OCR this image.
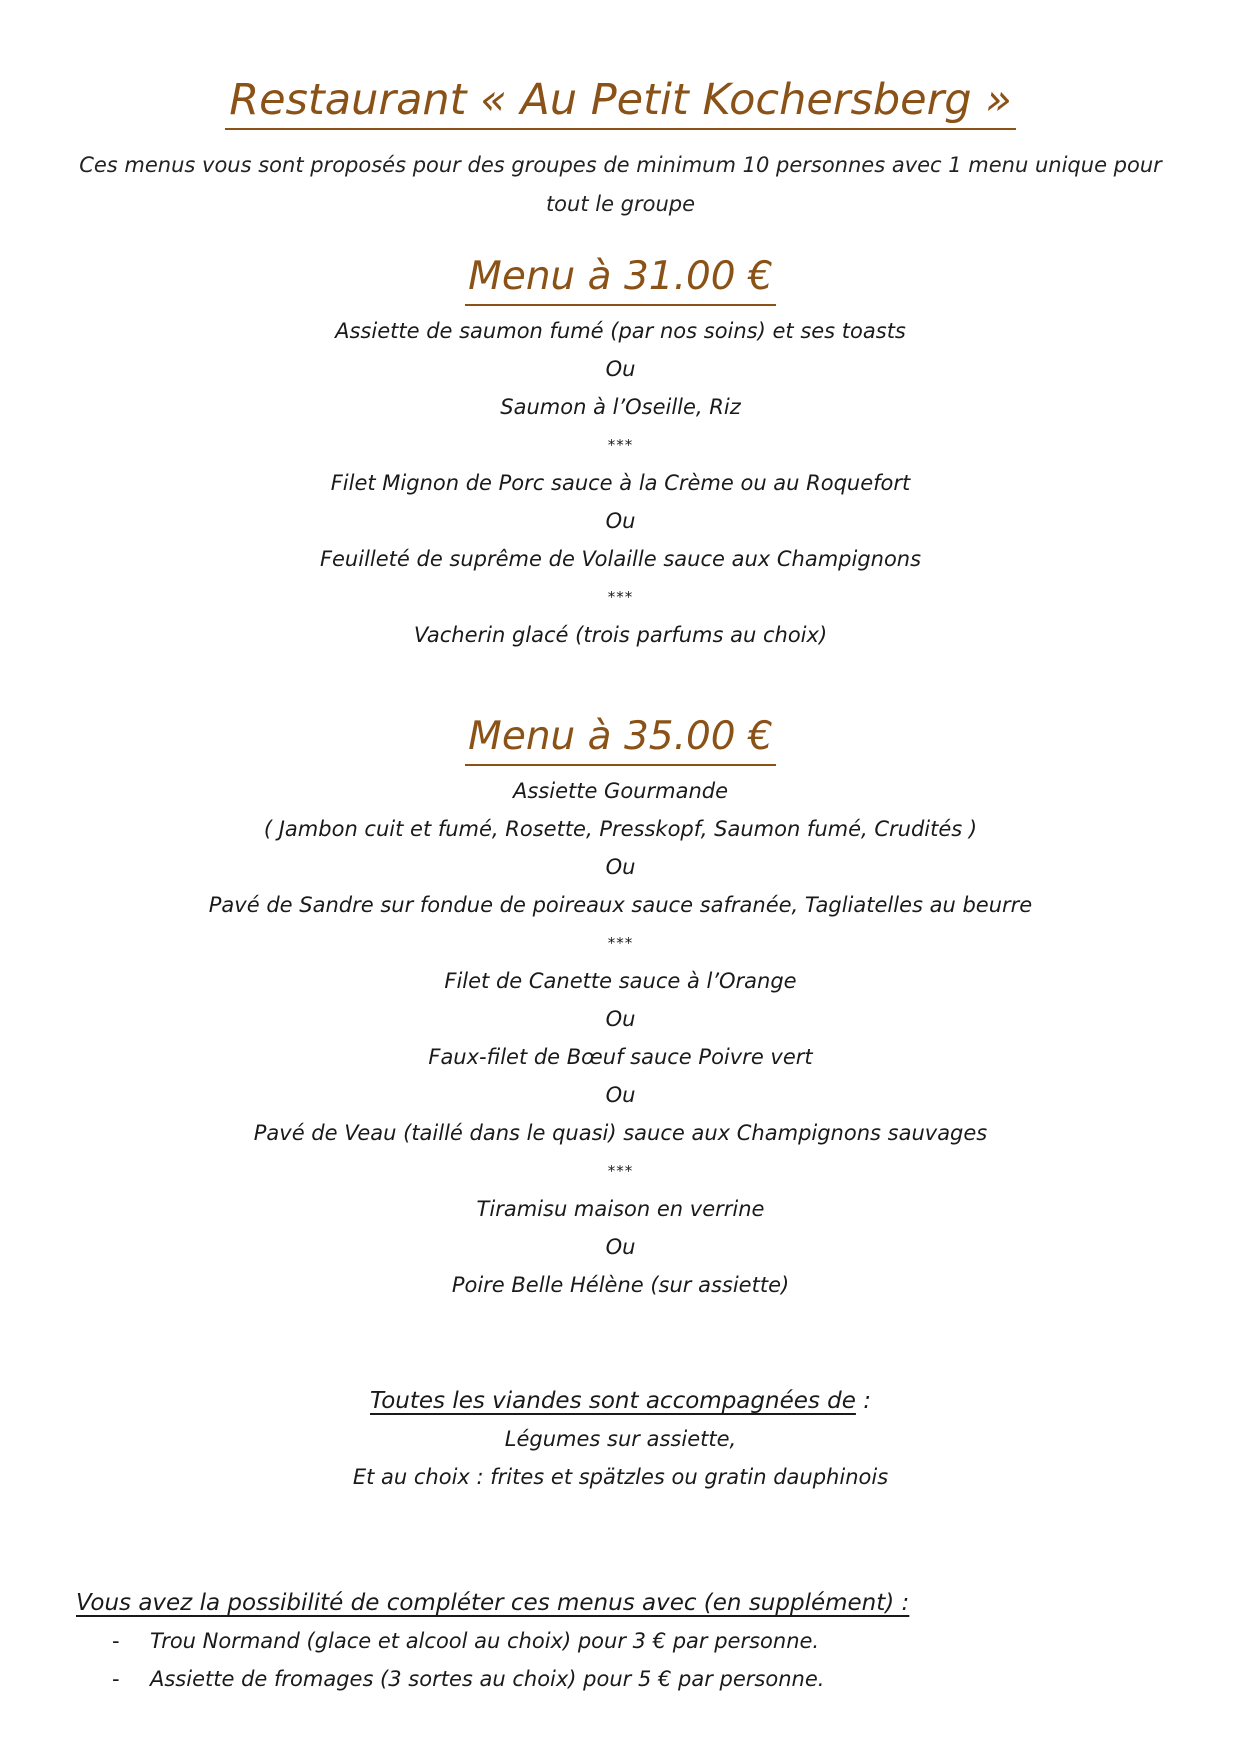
Restaurant « Au Petit Kochersberg »
Ces menus vous sont proposés pour des groupes de minimum 10 personnes avec 1 menu unique pour
tout le groupe
Menu à 31.00 €
Assiette de saumon fumé (par nos soins) et ses toasts
Ou
Saumon à l’Oseille, Riz
***
Filet Mignon de Porc sauce à la Crème ou au Roquefort
Ou
Feuilleté de suprême de Volaille sauce aux Champignons
***
Vacherin glacé (trois parfums au choix)
Menu à 35.00 €
Assiette Gourmande
( Jambon cuit et fumé, Rosette, Presskopf, Saumon fumé, Crudités )
Ou
Pavé de Sandre sur fondue de poireaux sauce safranée, Tagliatelles au beurre
***
Filet de Canette sauce à l’Orange
Ou
Faux-filet de Bœuf sauce Poivre vert
Ou
Pavé de Veau (taillé dans le quasi) sauce aux Champignons sauvages
***
Tiramisu maison en verrine
Ou
Poire Belle Hélène (sur assiette)
Toutes les viandes sont accompagnées de :
Légumes sur assiette,
Et au choix : frites et spätzles ou gratin dauphinois
Vous avez la possibilité de compléter ces menus avec (en supplément) :
- Trou Normand (glace et alcool au choix) pour 3 € par personne.
- Assiette de fromages (3 sortes au choix) pour 5 € par personne.
